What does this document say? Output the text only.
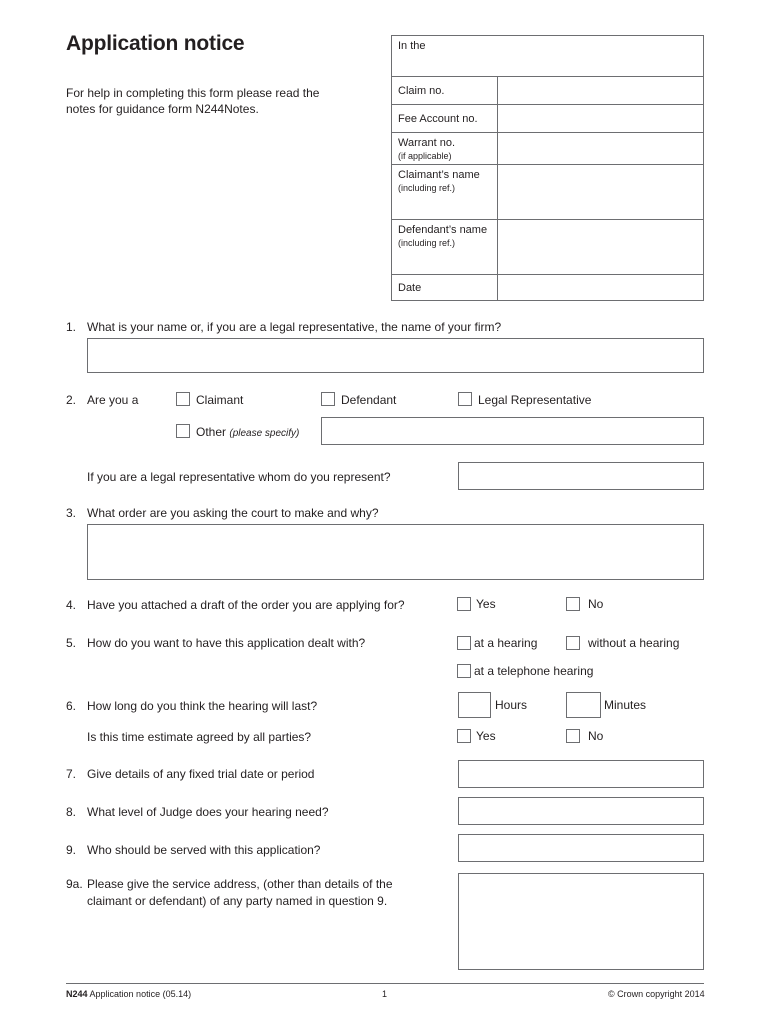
Application notice
For help in completing this form please read the
notes for guidance form N244Notes.
In the
Claim no.
Fee Account no.
Warrant no.
(if applicable)
Claimant’s name
(including ref.)
Defendant’s name
(including ref.)
Date
1. What is your name or, if you are a legal representative, the name of your firm?
2. Are you a	Claimant	Defendant	Legal Representative
Other (please specify)
If you are a legal representative whom do you represent?
3. What order are you asking the court to make and why?
4. Have you attached a draft of the order you are applying for?	Yes	No
5. How do you want to have this application dealt with?	at a hearing	without a hearing
at a telephone hearing
6. How long do you think the hearing will last?	Hours	Minutes
Is this time estimate agreed by all parties?	Yes	No
7. Give details of any fixed trial date or period
8. What level of Judge does your hearing need?
9. Who should be served with this application?
9a. Please give the service address, (other than details of the
claimant or defendant) of any party named in question 9.
N244 Application notice (05.14)	1	© Crown copyright 2014
